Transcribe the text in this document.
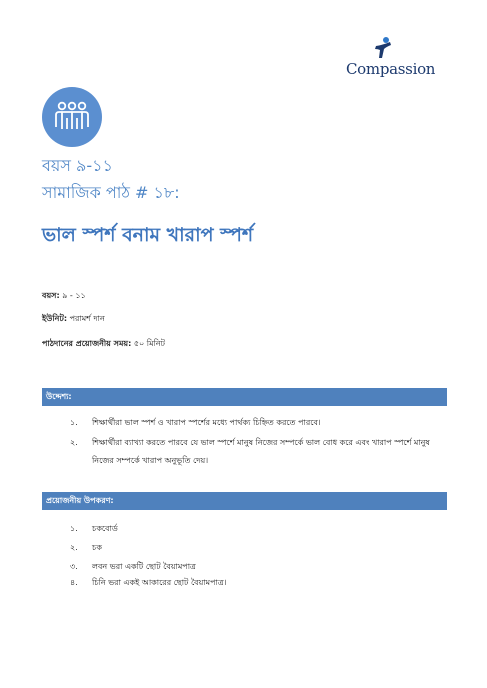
Compassion
বয়স ৯-১১
সামাজিক পাঠ # ১৮:
ভাল স্পর্শ বনাম খারাপ স্পর্শ
বয়স: ৯ - ১১
ইউনিট: পরামর্শ দান
পাঠদানের প্রয়োজনীয় সময়: ৫০ মিনিট
উদ্দেশ্য:
১. শিক্ষার্থীরা ভাল স্পর্শ ও খারাপ স্পর্শের মধ্যে পার্থক্য চিহ্নিত করতে পারবে।
২. শিক্ষার্থীরা ব্যাখ্যা করতে পারবে যে ভাল স্পর্শে মানুষ নিজের সম্পর্কে ভাল বোধ করে এবং খারাপ স্পর্শে মানুষ
নিজের সম্পর্কে খারাপ অনুভূতি দেয়।
প্রয়োজনীয় উপকরণ:
১. চকবোর্ড
২. চক
৩. লবন ভরা একটি ছোট বৈয়ামপাত্র
৪. চিনি ভরা একই আকারের ছোট বৈয়ামপাত্র।
